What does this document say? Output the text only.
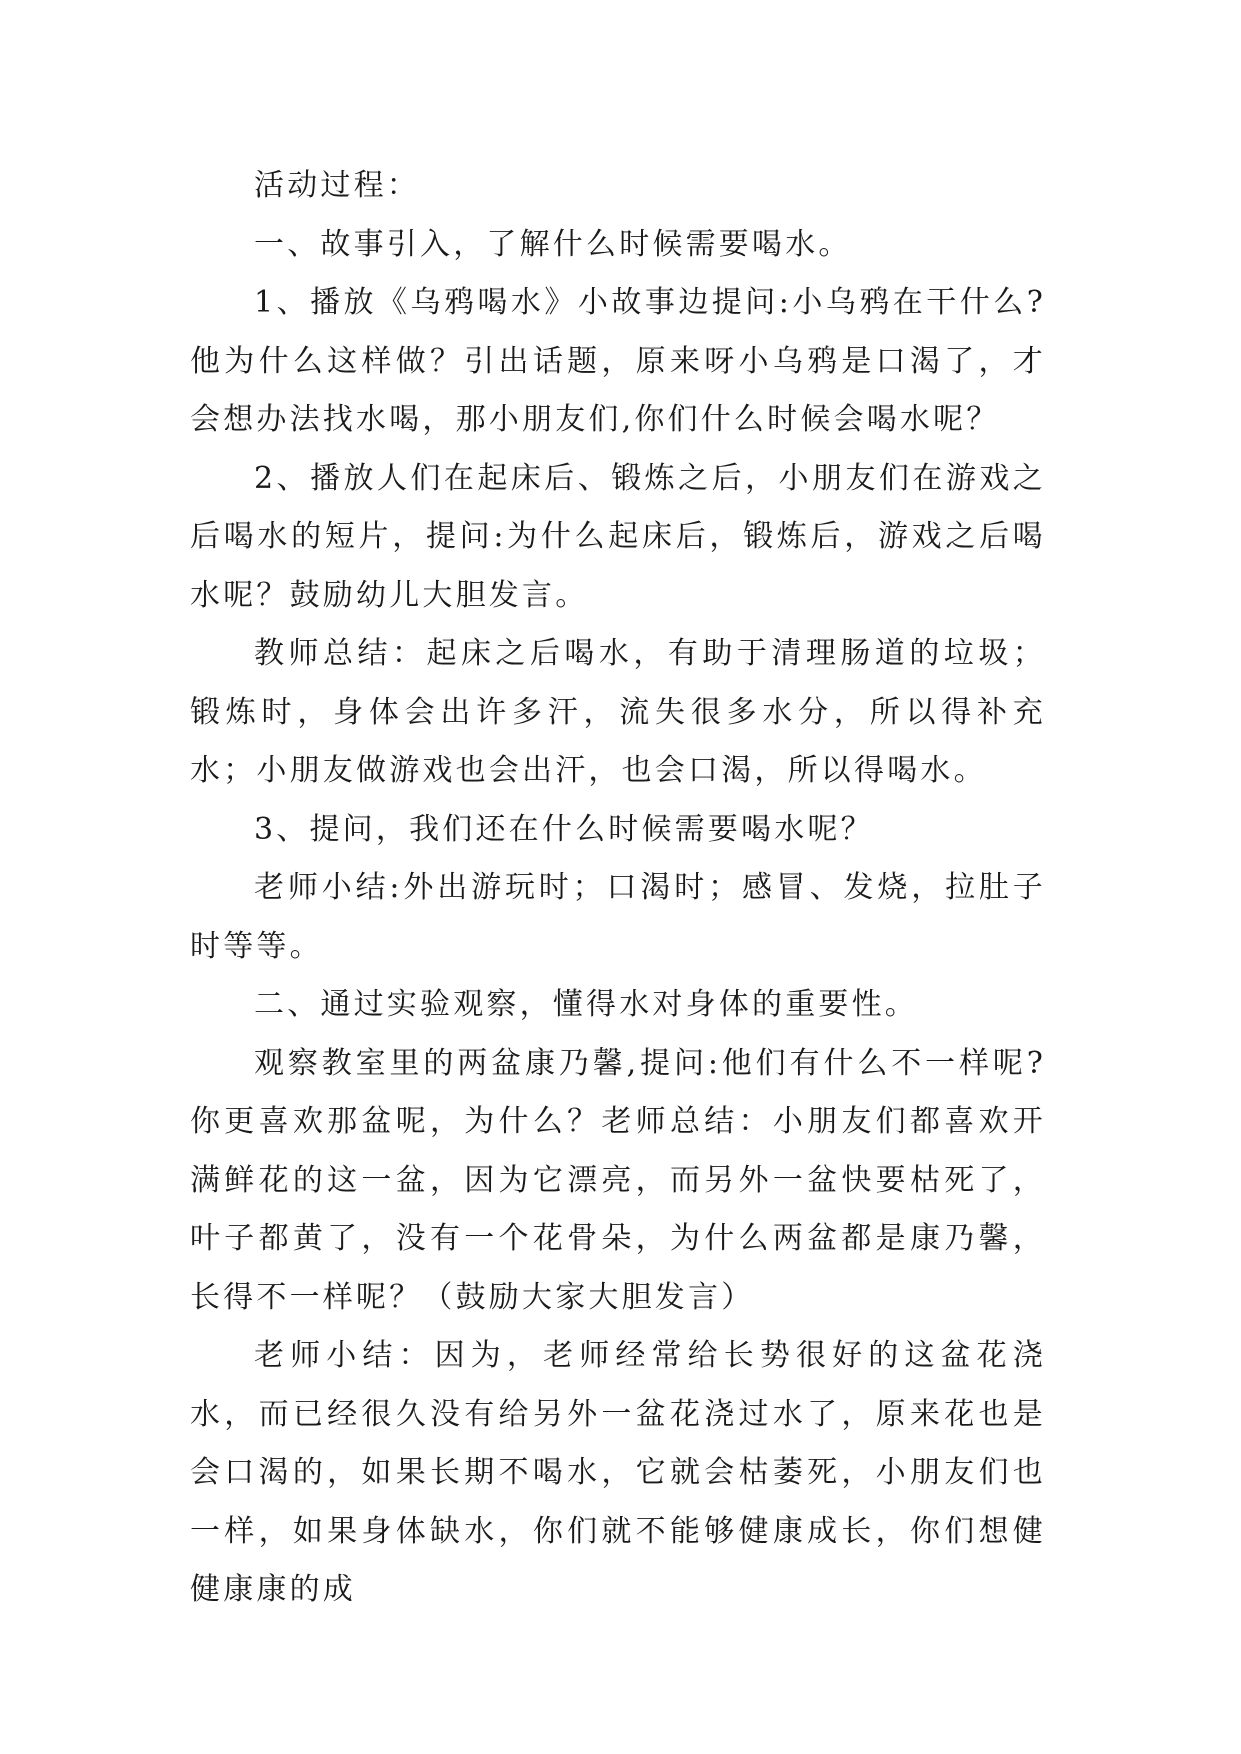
活动过程：

一、故事引入，了解什么时候需要喝水。

1、播放《乌鸦喝水》小故事边提问:小乌鸦在干什么?他为什么这样做？引出话题，原来呀小乌鸦是口渴了，才会想办法找水喝，那小朋友们,你们什么时候会喝水呢？

2、播放人们在起床后、锻炼之后，小朋友们在游戏之后喝水的短片，提问:为什么起床后，锻炼后，游戏之后喝水呢？鼓励幼儿大胆发言。

教师总结：起床之后喝水，有助于清理肠道的垃圾；锻炼时，身体会出许多汗，流失很多水分，所以得补充水；小朋友做游戏也会出汗，也会口渴，所以得喝水。

3、提问，我们还在什么时候需要喝水呢？

老师小结:外出游玩时；口渴时；感冒、发烧，拉肚子时等等。

二、通过实验观察，懂得水对身体的重要性。

观察教室里的两盆康乃馨,提问:他们有什么不一样呢?你更喜欢那盆呢，为什么？老师总结：小朋友们都喜欢开满鲜花的这一盆，因为它漂亮，而另外一盆快要枯死了，叶子都黄了，没有一个花骨朵，为什么两盆都是康乃馨，长得不一样呢？（鼓励大家大胆发言）

老师小结：因为，老师经常给长势很好的这盆花浇水，而已经很久没有给另外一盆花浇过水了，原来花也是会口渴的，如果长期不喝水，它就会枯萎死，小朋友们也一样，如果身体缺水，你们就不能够健康成长，你们想健健康康的成
